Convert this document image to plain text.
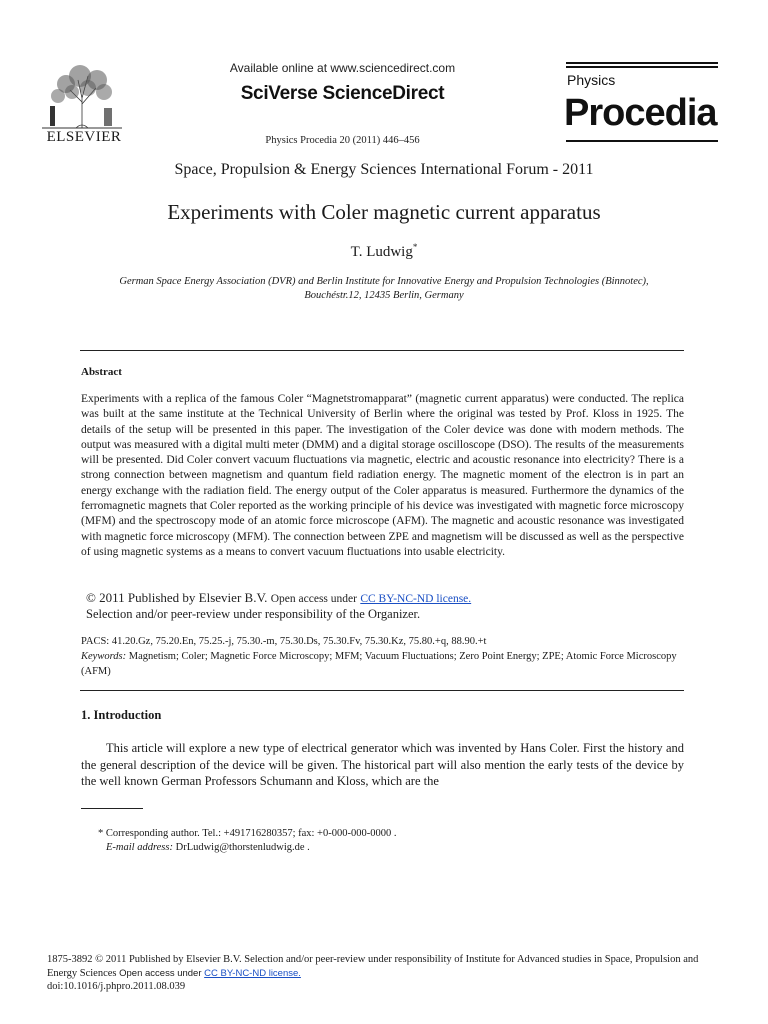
ELSEVIER
Available online at www.sciencedirect.com
SciVerse ScienceDirect
Physics Procedia 20 (2011) 446–456
Physics
Procedia
Space, Propulsion & Energy Sciences International Forum - 2011
Experiments with Coler magnetic current apparatus
T. Ludwig*
German Space Energy Association (DVR) and Berlin Institute for Innovative Energy and Propulsion Technologies (Binnotec),
Bouchéstr.12, 12435 Berlin, Germany
Abstract
Experiments with a replica of the famous Coler “Magnetstromapparat” (magnetic current apparatus) were conducted. The replica was built at the same institute at the Technical University of Berlin where the original was tested by Prof. Kloss in 1925. The details of the setup will be presented in this paper. The investigation of the Coler device was done with modern methods. The output was measured with a digital multi meter (DMM) and a digital storage oscilloscope (DSO). The results of the measurements will be presented. Did Coler convert vacuum fluctuations via magnetic, electric and acoustic resonance into electricity? There is a strong connection between magnetism and quantum field radiation energy. The magnetic moment of the electron is in part an energy exchange with the radiation field. The energy output of the Coler apparatus is measured. Furthermore the dynamics of the ferromagnetic magnets that Coler reported as the working principle of his device was investigated with magnetic force microscopy (MFM) and the spectroscopy mode of an atomic force microscope (AFM). The magnetic and acoustic resonance was investigated with magnetic force microscopy (MFM). The connection between ZPE and magnetism will be discussed as well as the perspective of using magnetic systems as a means to convert vacuum fluctuations into usable electricity.
© 2011 Published by Elsevier B.V. Open access under CC BY-NC-ND license.
Selection and/or peer-review under responsibility of the Organizer.
PACS: 41.20.Gz, 75.20.En, 75.25.-j, 75.30.-m, 75.30.Ds, 75.30.Fv, 75.30.Kz, 75.80.+q, 88.90.+t
Keywords: Magnetism; Coler; Magnetic Force Microscopy; MFM; Vacuum Fluctuations; Zero Point Energy; ZPE; Atomic Force Microscopy (AFM)
1. Introduction
This article will explore a new type of electrical generator which was invented by Hans Coler. First the history and the general description of the device will be given. The historical part will also mention the early tests of the device by the well known German Professors Schumann and Kloss, which are the
* Corresponding author. Tel.: +491716280357; fax: +0-000-000-0000 .
E-mail address: DrLudwig@thorstenludwig.de .
1875-3892 © 2011 Published by Elsevier B.V. Selection and/or peer-review under responsibility of Institute for Advanced studies in Space, Propulsion and Energy Sciences Open access under CC BY-NC-ND license.
doi:10.1016/j.phpro.2011.08.039
